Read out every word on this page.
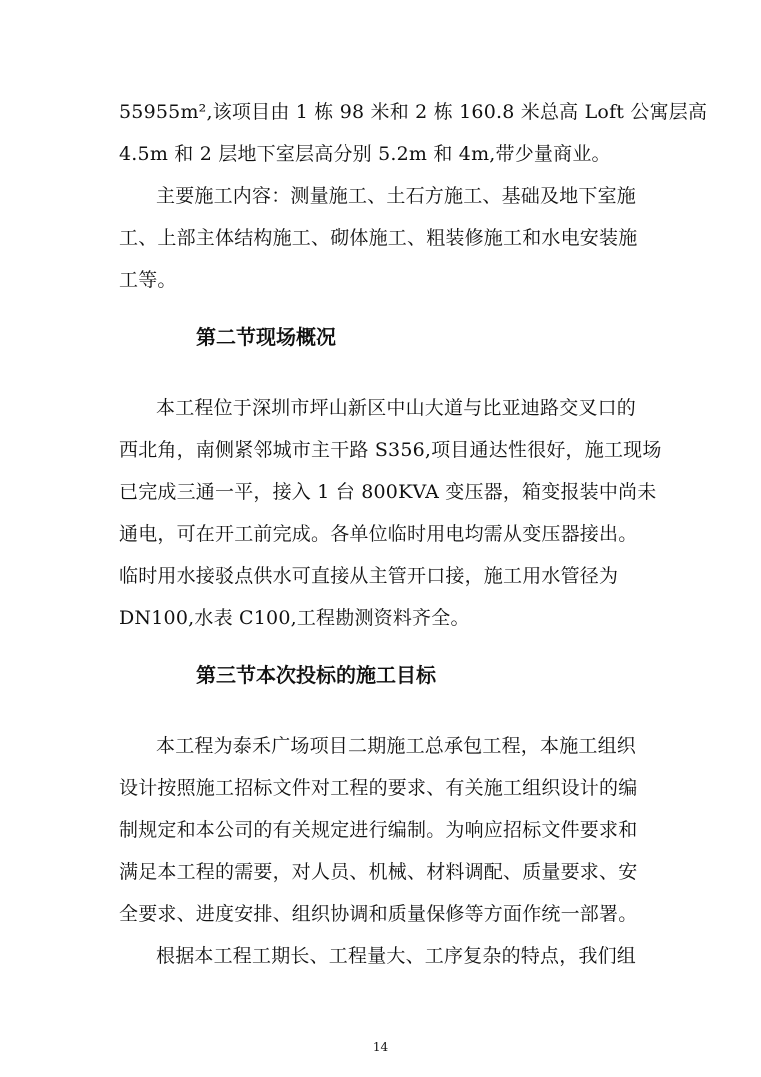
55955m²,该项目由 1 栋 98 米和 2 栋 160.8 米总高 Loft 公寓层高
4.5m 和 2 层地下室层高分别 5.2m 和 4m,带少量商业。
主要施工内容：测量施工、土石方施工、基础及地下室施
工、上部主体结构施工、砌体施工、粗装修施工和水电安装施
工等。
第二节现场概况
本工程位于深圳市坪山新区中山大道与比亚迪路交叉口的
西北角，南侧紧邻城市主干路 S356,项目通达性很好，施工现场
已完成三通一平，接入 1 台 800KVA 变压器，箱变报装中尚未
通电，可在开工前完成。各单位临时用电均需从变压器接出。
临时用水接驳点供水可直接从主管开口接，施工用水管径为
DN100,水表 C100,工程勘测资料齐全。
第三节本次投标的施工目标
本工程为泰禾广场项目二期施工总承包工程，本施工组织
设计按照施工招标文件对工程的要求、有关施工组织设计的编
制规定和本公司的有关规定进行编制。为响应招标文件要求和
满足本工程的需要，对人员、机械、材料调配、质量要求、安
全要求、进度安排、组织协调和质量保修等方面作统一部署。
根据本工程工期长、工程量大、工序复杂的特点，我们组
14
